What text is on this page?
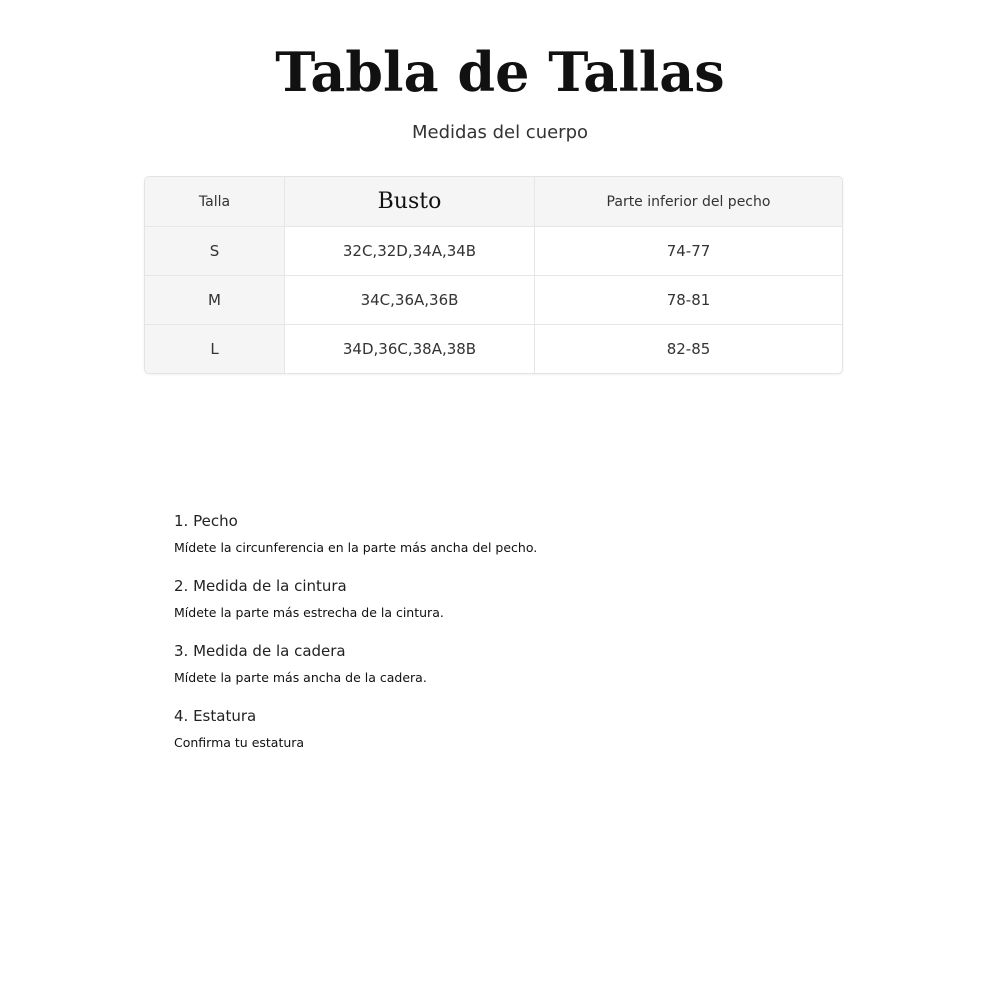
Tabla de Tallas
Medidas del cuerpo
Talla	Busto	Parte inferior del pecho
S	32C,32D,34A,34B	74-77
M	34C,36A,36B	78-81
L	34D,36C,38A,38B	82-85
1. Pecho

Mídete la circunferencia en la parte más ancha del pecho.

2. Medida de la cintura

Mídete la parte más estrecha de la cintura.

3. Medida de la cadera

Mídete la parte más ancha de la cadera.

4. Estatura

Confirma tu estatura
